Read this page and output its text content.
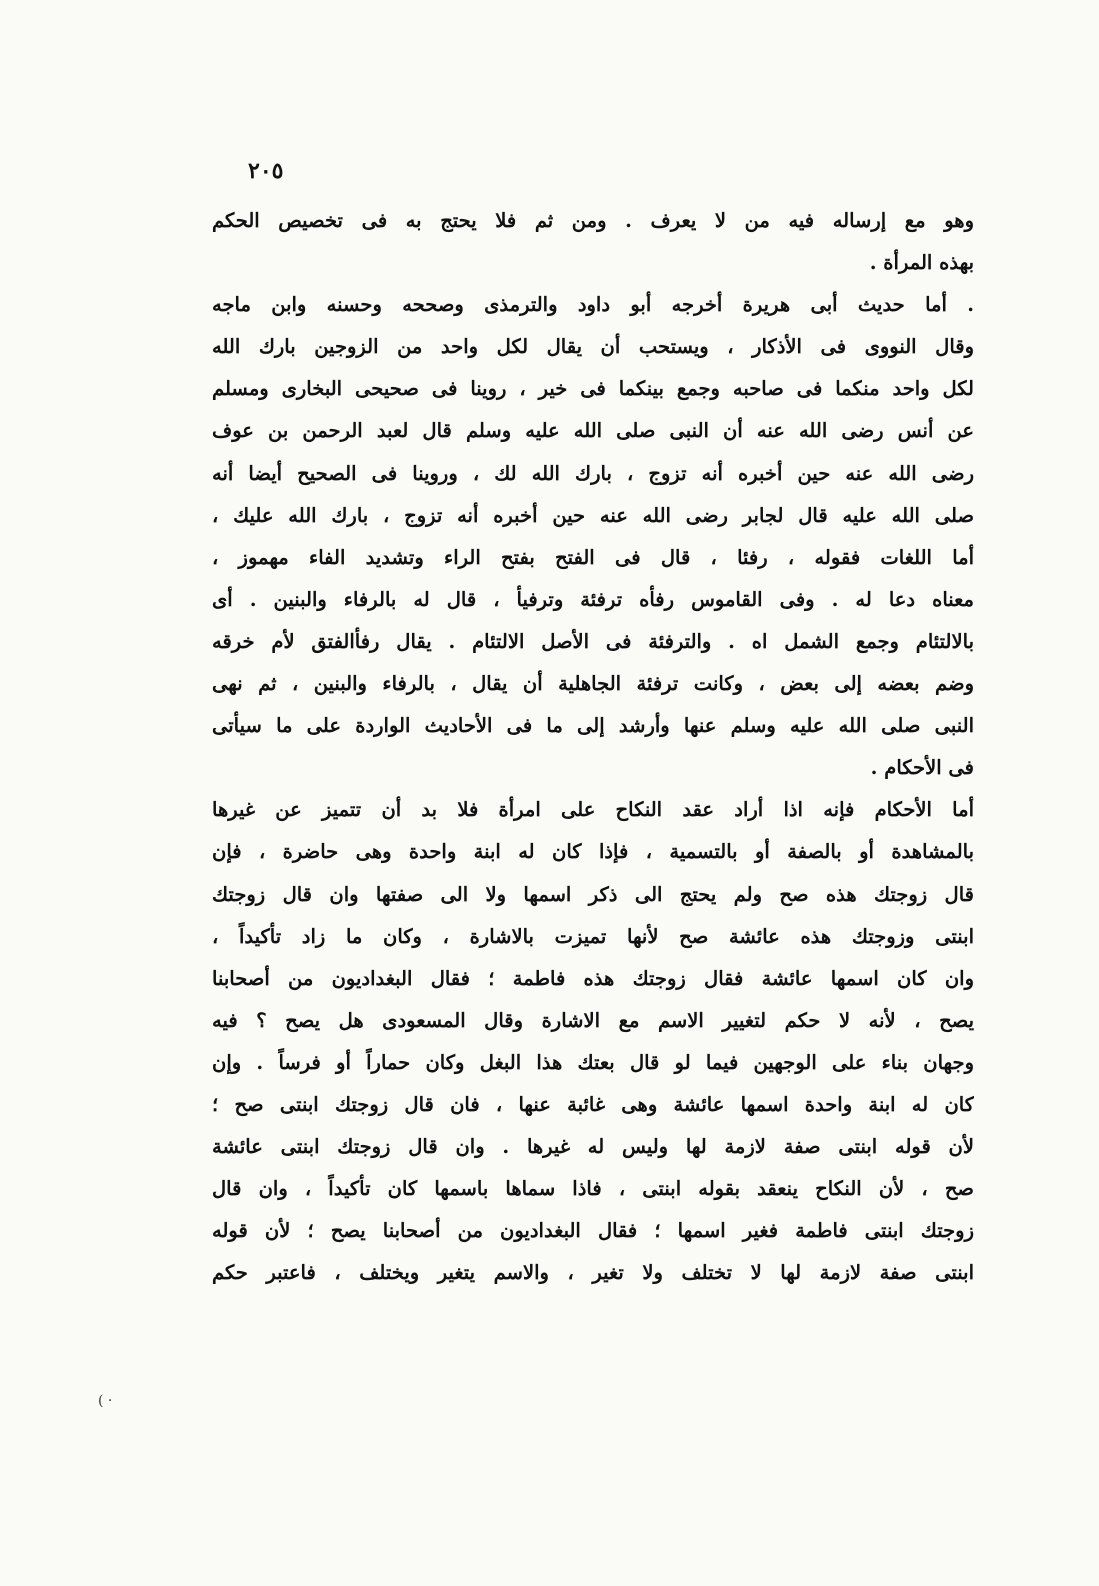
٢٠٥
وهو مع إرساله فيه من لا يعرف . ومن ثم فلا يحتج به فى تخصيص الحكم
بهذه المرأة .
. أما حديث أبى هريرة أخرجه أبو داود والترمذى وصححه وحسنه وابن ماجه
وقال النووى فى الأذكار ، ويستحب أن يقال لكل واحد من الزوجين بارك الله
لكل واحد منكما فى صاحبه وجمع بينكما فى خير ، روينا فى صحيحى البخارى ومسلم
عن أنس رضى الله عنه أن النبى صلى الله عليه وسلم قال لعبد الرحمن بن عوف
رضى الله عنه حين أخبره أنه تزوج ، بارك الله لك ، وروينا فى الصحيح أيضا أنه
صلى الله عليه قال لجابر رضى الله عنه حين أخبره أنه تزوج ، بارك الله عليك ،
أما اللغات فقوله ، رفئا ، قال فى الفتح بفتح الراء وتشديد الفاء مهموز ،
معناه دعا له . وفى القاموس رفأه ترفئة وترفيأ ، قال له بالرفاء والبنين . أى
بالالتئام وجمع الشمل اه . والترفئة فى الأصل الالتئام . يقال رفأالفتق لأم خرقه
وضم بعضه إلى بعض ، وكانت ترفئة الجاهلية أن يقال ، بالرفاء والبنين ، ثم نهى
النبى صلى الله عليه وسلم عنها وأرشد إلى ما فى الأحاديث الواردة على ما سيأتى
فى الأحكام .
أما الأحكام فإنه اذا أراد عقد النكاح على امرأة فلا بد أن تتميز عن غيرها
بالمشاهدة أو بالصفة أو بالتسمية ، فإذا كان له ابنة واحدة وهى حاضرة ، فإن
قال زوجتك هذه صح ولم يحتج الى ذكر اسمها ولا الى صفتها وان قال زوجتك
ابنتى وزوجتك هذه عائشة صح لأنها تميزت بالاشارة ، وكان ما زاد تأكيداً ،
وان كان اسمها عائشة فقال زوجتك هذه فاطمة ؛ فقال البغداديون من أصحابنا
يصح ، لأنه لا حكم لتغيير الاسم مع الاشارة وقال المسعودى هل يصح ؟ فيه
وجهان بناء على الوجهين فيما لو قال بعتك هذا البغل وكان حماراً أو فرساً . وإن
كان له ابنة واحدة اسمها عائشة وهى غائبة عنها ، فان قال زوجتك ابنتى صح ؛
لأن قوله ابنتى صفة لازمة لها وليس له غيرها . وان قال زوجتك ابنتى عائشة
صح ، لأن النكاح ينعقد بقوله ابنتى ، فاذا سماها باسمها كان تأكيداً ، وان قال
زوجتك ابنتى فاطمة فغير اسمها ؛ فقال البغداديون من أصحابنا يصح ؛ لأن قوله
ابنتى صفة لازمة لها لا تختلف ولا تغير ، والاسم يتغير ويختلف ، فاعتبر حكم
( ·
